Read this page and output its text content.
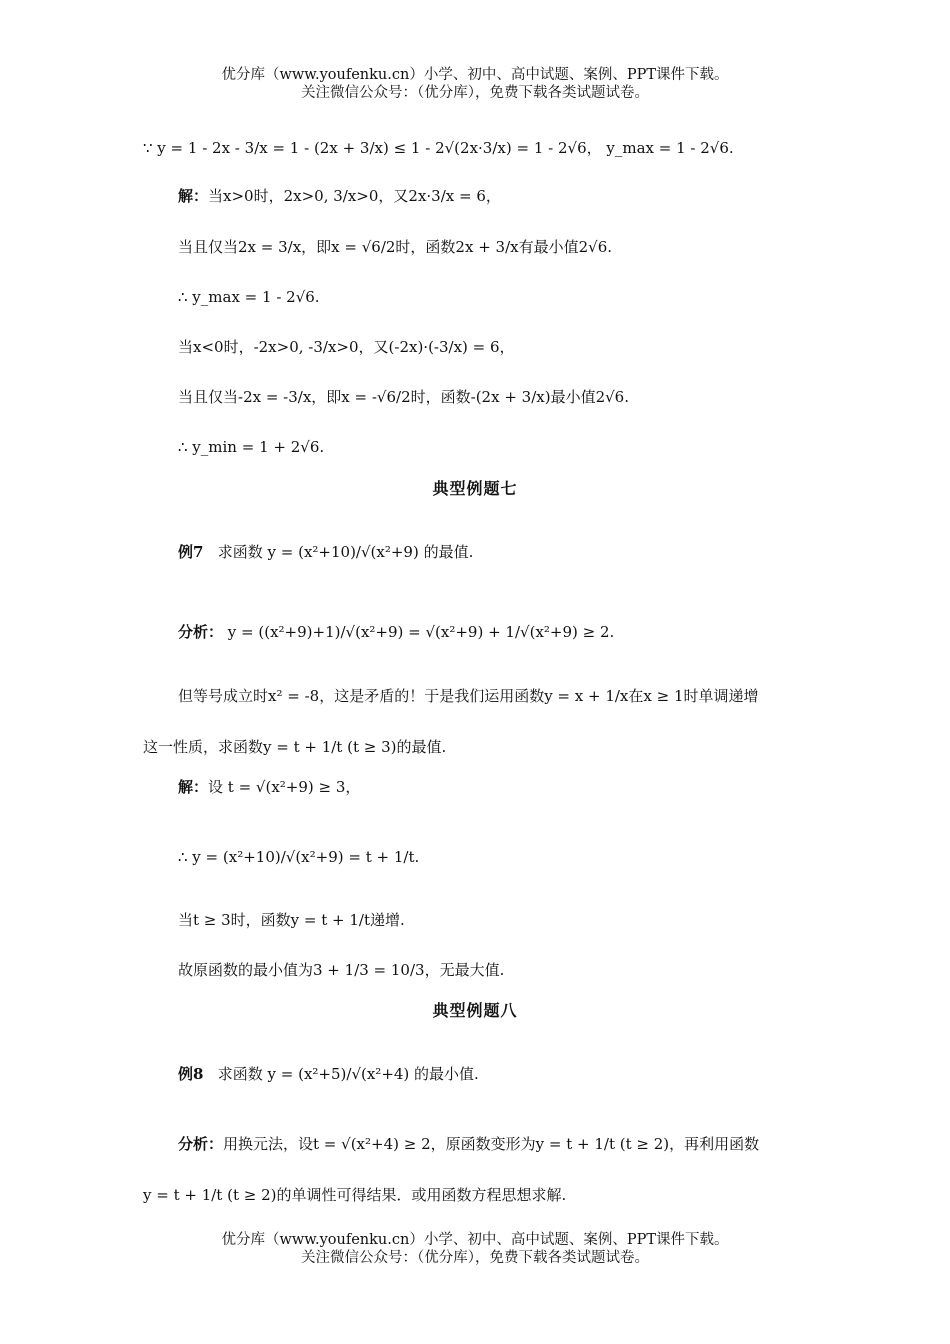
优分库（www.youfenku.cn）小学、初中、高中试题、案例、PPT课件下载。
关注微信公众号：（优分库），免费下载各类试题试卷。
∵ y = 1 - 2x - 3/x = 1 - (2x + 3/x) ≤ 1 - 2√(2x·3/x) = 1 - 2√6， y_max = 1 - 2√6.
解：当x>0时，2x>0, 3/x>0，又2x·3/x = 6，
当且仅当2x = 3/x，即x = √6/2时，函数2x + 3/x有最小值2√6.
∴ y_max = 1 - 2√6.
当x<0时，-2x>0, -3/x>0，又(-2x)·(-3/x) = 6，
当且仅当-2x = -3/x，即x = -√6/2时，函数-(2x + 3/x)最小值2√6.
∴ y_min = 1 + 2√6.
典型例题七
例7 求函数 y = (x²+10)/√(x²+9) 的最值.
分析： y = ((x²+9)+1)/√(x²+9) = √(x²+9) + 1/√(x²+9) ≥ 2.
但等号成立时x² = -8，这是矛盾的！于是我们运用函数y = x + 1/x在x ≥ 1时单调递增
这一性质，求函数y = t + 1/t (t ≥ 3)的最值.
解：设 t = √(x²+9) ≥ 3，
∴ y = (x²+10)/√(x²+9) = t + 1/t.
当t ≥ 3时，函数y = t + 1/t递增.
故原函数的最小值为3 + 1/3 = 10/3，无最大值.
典型例题八
例8 求函数 y = (x²+5)/√(x²+4) 的最小值.
分析：用换元法，设t = √(x²+4) ≥ 2，原函数变形为y = t + 1/t (t ≥ 2)，再利用函数
y = t + 1/t (t ≥ 2)的单调性可得结果．或用函数方程思想求解.
优分库（www.youfenku.cn）小学、初中、高中试题、案例、PPT课件下载。
关注微信公众号：（优分库），免费下载各类试题试卷。
